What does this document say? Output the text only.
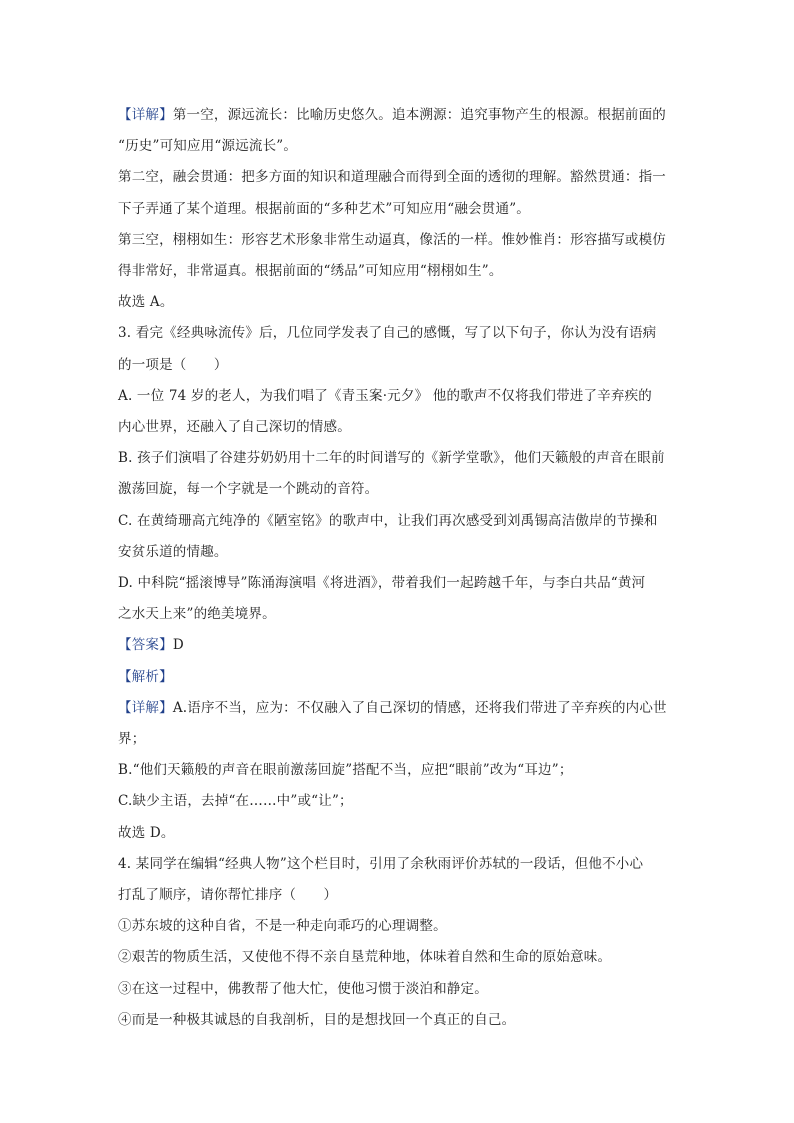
【详解】第一空，源远流长：比喻历史悠久。追本溯源：追究事物产生的根源。根据前面的
“历史”可知应用“源远流长”。
第二空，融会贯通：把多方面的知识和道理融合而得到全面的透彻的理解。豁然贯通：指一
下子弄通了某个道理。根据前面的“多种艺术”可知应用“融会贯通”。
第三空，栩栩如生：形容艺术形象非常生动逼真，像活的一样。惟妙惟肖：形容描写或模仿
得非常好，非常逼真。根据前面的“绣品”可知应用“栩栩如生”。
故选 A。
3. 看完《经典咏流传》后，几位同学发表了自己的感慨，写了以下句子，你认为没有语病
的一项是（　　）
A. 一位 74 岁的老人，为我们唱了《青玉案·元夕》 他的歌声不仅将我们带进了辛弃疾的
内心世界，还融入了自己深切的情感。
B. 孩子们演唱了谷建芬奶奶用十二年的时间谱写的《新学堂歌》，他们天籁般的声音在眼前
激荡回旋，每一个字就是一个跳动的音符。
C. 在黄绮珊高亢纯净的《陋室铭》的歌声中，让我们再次感受到刘禹锡高洁傲岸的节操和
安贫乐道的情趣。
D. 中科院“摇滚博导”陈涌海演唱《将进酒》，带着我们一起跨越千年，与李白共品“黄河
之水天上来”的绝美境界。
【答案】D
【解析】
【详解】A.语序不当，应为：不仅融入了自己深切的情感，还将我们带进了辛弃疾的内心世
界；
B.“他们天籁般的声音在眼前激荡回旋”搭配不当，应把“眼前”改为“耳边”；
C.缺少主语，去掉“在……中”或“让”；
故选 D。
4. 某同学在编辑“经典人物”这个栏目时，引用了余秋雨评价苏轼的一段话，但他不小心
打乱了顺序，请你帮忙排序（　　）
①苏东坡的这种自省，不是一种走向乖巧的心理调整。
②艰苦的物质生活，又使他不得不亲自垦荒种地，体味着自然和生命的原始意味。
③在这一过程中，佛教帮了他大忙，使他习惯于淡泊和静定。
④而是一种极其诚恳的自我剖析，目的是想找回一个真正的自己。
